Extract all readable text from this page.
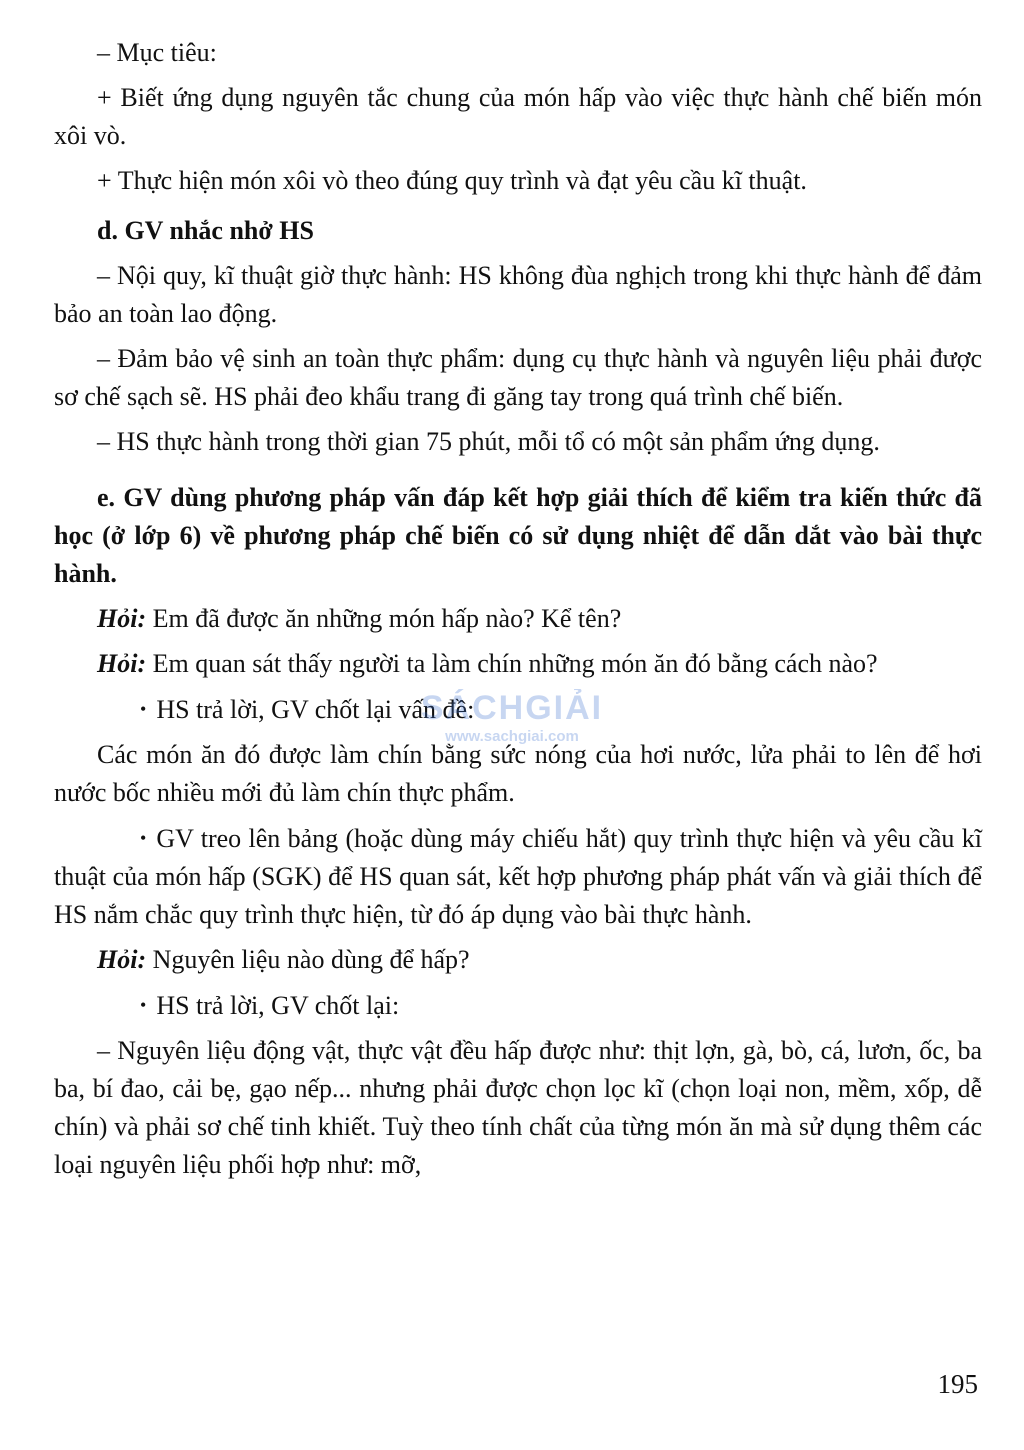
– Mục tiêu:

+ Biết ứng dụng nguyên tắc chung của món hấp vào việc thực hành chế biến món xôi vò.

+ Thực hiện món xôi vò theo đúng quy trình và đạt yêu cầu kĩ thuật.

d. GV nhắc nhở HS

– Nội quy, kĩ thuật giờ thực hành: HS không đùa nghịch trong khi thực hành để đảm bảo an toàn lao động.

– Đảm bảo vệ sinh an toàn thực phẩm: dụng cụ thực hành và nguyên liệu phải được sơ chế sạch sẽ. HS phải đeo khẩu trang đi găng tay trong quá trình chế biến.

– HS thực hành trong thời gian 75 phút, mỗi tổ có một sản phẩm ứng dụng.

e. GV dùng phương pháp vấn đáp kết hợp giải thích để kiểm tra kiến thức đã học (ở lớp 6) về phương pháp chế biến có sử dụng nhiệt để dẫn dắt vào bài thực hành.

Hỏi: Em đã được ăn những món hấp nào? Kể tên?

Hỏi: Em quan sát thấy người ta làm chín những món ăn đó bằng cách nào?

• HS trả lời, GV chốt lại vấn đề:

Các món ăn đó được làm chín bằng sức nóng của hơi nước, lửa phải to lên để hơi nước bốc nhiều mới đủ làm chín thực phẩm.

• GV treo lên bảng (hoặc dùng máy chiếu hắt) quy trình thực hiện và yêu cầu kĩ thuật của món hấp (SGK) để HS quan sát, kết hợp phương pháp phát vấn và giải thích để HS nắm chắc quy trình thực hiện, từ đó áp dụng vào bài thực hành.

Hỏi: Nguyên liệu nào dùng để hấp?

• HS trả lời, GV chốt lại:

– Nguyên liệu động vật, thực vật đều hấp được như: thịt lợn, gà, bò, cá, lươn, ốc, ba ba, bí đao, cải bẹ, gạo nếp... nhưng phải được chọn lọc kĩ (chọn loại non, mềm, xốp, dễ chín) và phải sơ chế tinh khiết. Tuỳ theo tính chất của từng món ăn mà sử dụng thêm các loại nguyên liệu phối hợp như: mỡ,

SÁCHGIẢI
www.sachgiai.com
195
